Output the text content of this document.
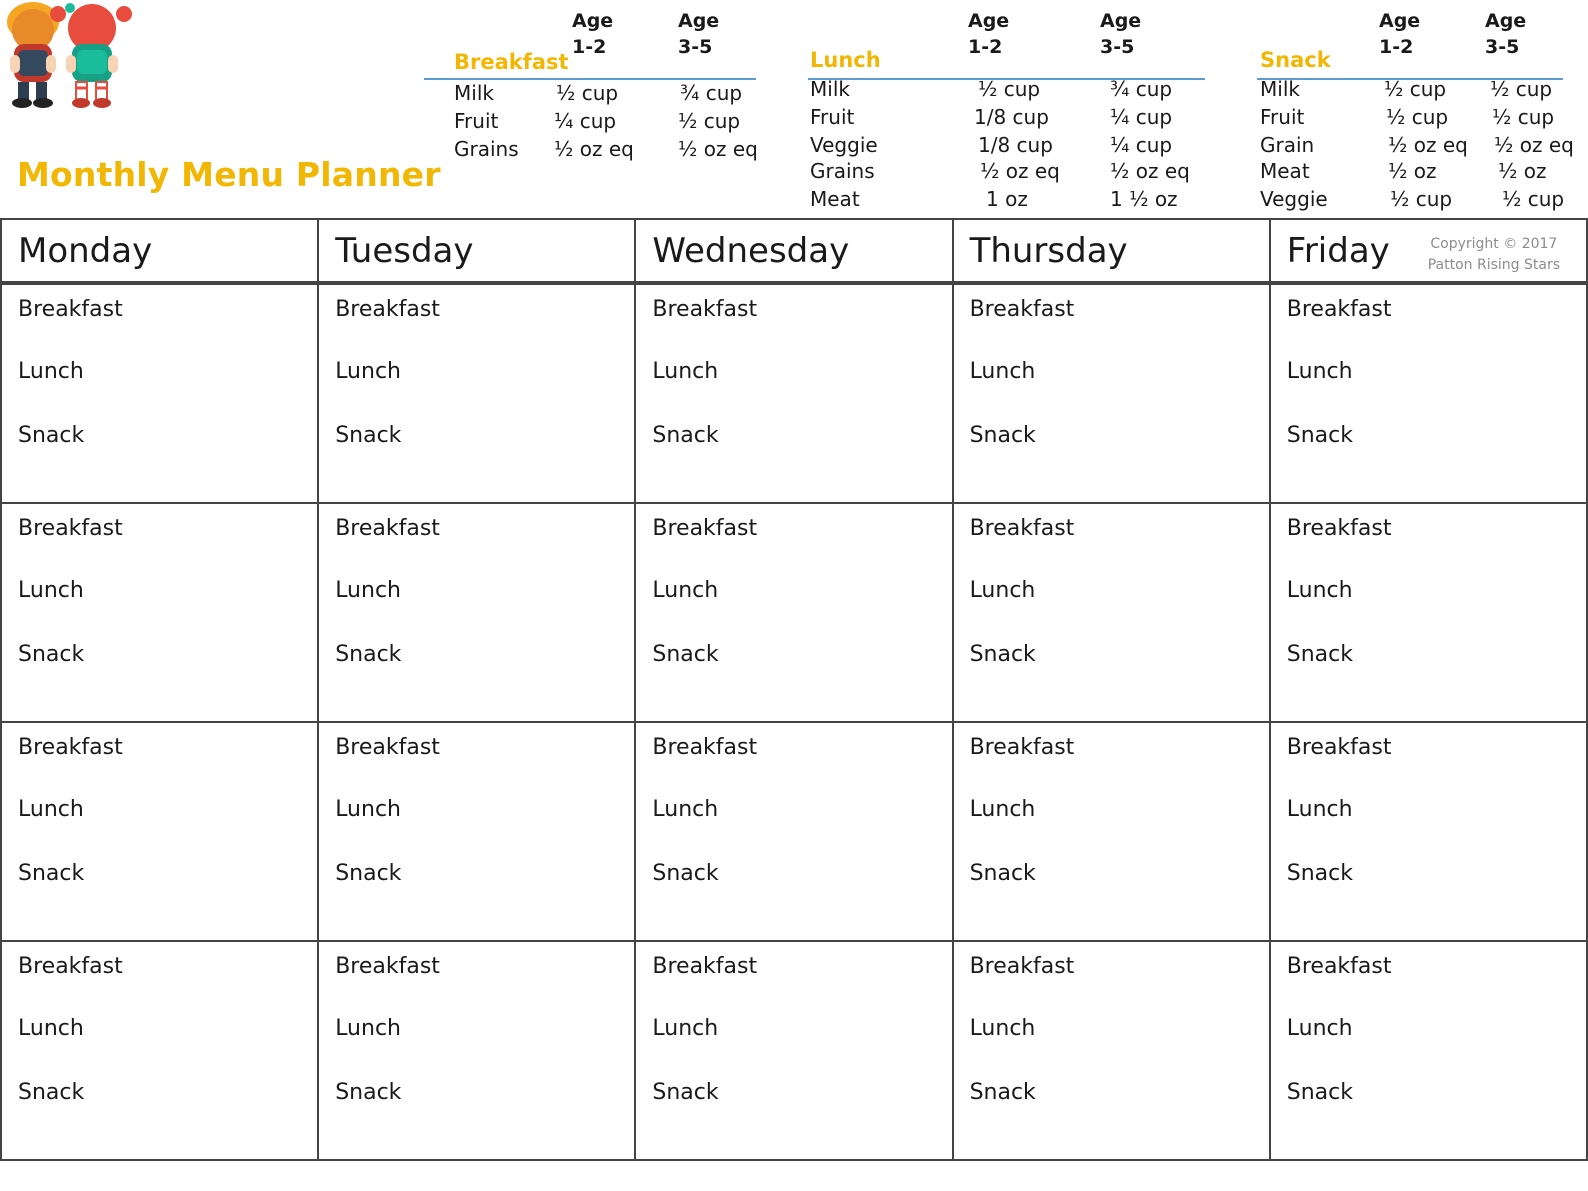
Monthly Menu Planner
Age
1-2
Age
3-5
Breakfast
Milk	½ cup	¾ cup
Fruit	¼ cup	½ cup
Grains ½ oz eq ½ oz eq
Age
1-2
Age
3-5
Lunch
Milk	½ cup	¾ cup
Fruit	1/8 cup	¼ cup
Veggie	1/8 cup	¼ cup
Grains	½ oz eq	½ oz eq
Meat	1 oz	1 ½ oz
Age
1-2
Age
3-5
Snack
Milk	½ cup ½ cup
Fruit	½ cup ½ cup
Grain	½ oz eq ½ oz eq
Meat	½ oz	½ oz
Veggie	½ cup ½ cup
Monday	Tuesday	Wednesday	Thursday	Friday	Copyright © 2017
Patton Rising Stars
Breakfast
Lunch
Snack	Breakfast
Lunch
Snack	Breakfast
Lunch
Snack	Breakfast
Lunch
Snack	Breakfast
Lunch
Snack

Breakfast
Lunch
Snack	Breakfast
Lunch
Snack	Breakfast
Lunch
Snack	Breakfast
Lunch
Snack	Breakfast
Lunch
Snack

Breakfast
Lunch
Snack	Breakfast
Lunch
Snack	Breakfast
Lunch
Snack	Breakfast
Lunch
Snack	Breakfast
Lunch
Snack

Breakfast
Lunch
Snack	Breakfast
Lunch
Snack	Breakfast
Lunch
Snack	Breakfast
Lunch
Snack	Breakfast
Lunch
Snack
